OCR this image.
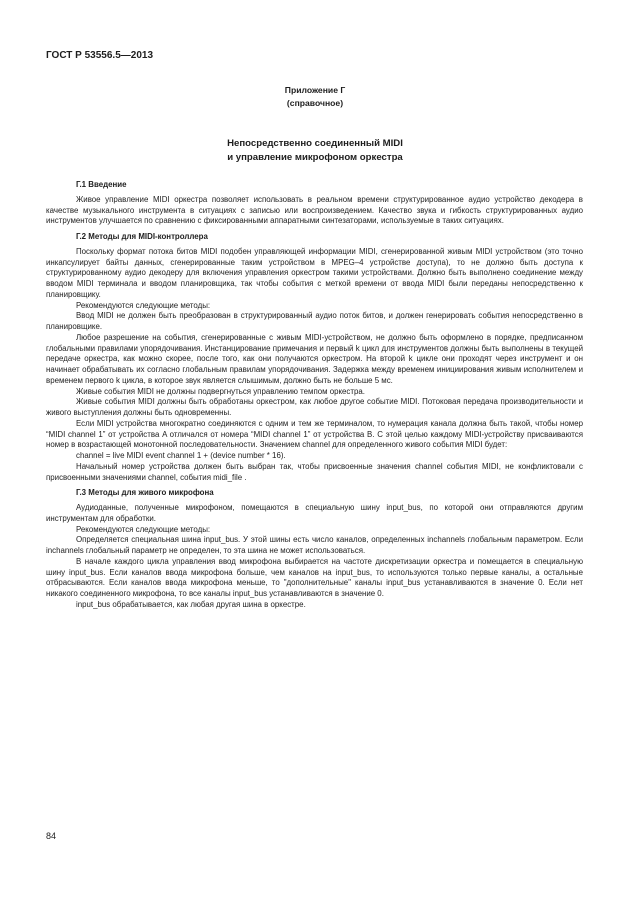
ГОСТ Р 53556.5—2013
Приложение Г
(справочное)
Непосредственно соединенный MIDI
и управление микрофоном оркестра
Г.1 Введение

Живое управление MIDI оркестра позволяет использовать в реальном времени структурированное аудио устройство декодера в качестве музыкального инструмента в ситуациях с записью или воспроизведением. Качество звука и гибкость структурированных аудио инструментов улучшается по сравнению с фиксированными аппаратными синтезаторами, используемые в таких ситуациях.

Г.2 Методы для MIDI-контроллера

Поскольку формат потока битов MIDI подобен управляющей информации MIDI, сгенерированной живым MIDI устройством (это точно инкапсулирует байты данных, сгенерированные таким устройством в MPEG–4 устройстве доступа), то не должно быть доступа к структурированному аудио декодеру для включения управления оркестром такими устройствами. Должно быть выполнено соединение между вводом MIDI терминала и вводом планировщика, так чтобы события с меткой времени от ввода MIDI были переданы непосредственно к планировщику.

Рекомендуются следующие методы:

Ввод MIDI не должен быть преобразован в структурированный аудио поток битов, и должен генерировать события непосредственно в планировщике.

Любое разрешение на события, сгенерированные с живым MIDI-устройством, не должно быть оформлено в порядке, предписанном глобальными правилами упорядочивания. Инстанцирование примечания и первый k цикл для инструментов должны быть выполнены в текущей передаче оркестра, как можно скорее, после того, как они получаются оркестром. На второй k цикле они проходят через инструмент и он начинает обрабатывать их согласно глобальным правилам упорядочивания. Задержка между временем инициирования живым исполнителем и временем первого k цикла, в которое звук является слышимым, должно быть не больше 5 мс.

Живые события MIDI не должны подвергнуться управлению темпом оркестра.

Живые события MIDI должны быть обработаны оркестром, как любое другое событие MIDI. Потоковая передача производительности и живого выступления должны быть одновременны.

Если MIDI устройства многократно соединяются с одним и тем же терминалом, то нумерация канала должна быть такой, чтобы номер “MIDI channel 1” от устройства A отличался от номера “MIDI channel 1” от устройства B. С этой целью каждому MIDI-устройству присваиваются номер в возрастающей монотонной последовательности. Значением channel для определенного живого события MIDI будет:

channel = live MIDI event channel 1 + (device number * 16).

Начальный номер устройства должен быть выбран так, чтобы присвоенные значения channel события MIDI, не конфликтовали с присвоенными значениями channel, события midi_file .

Г.3 Методы для живого микрофона

Аудиоданные, полученные микрофоном, помещаются в специальную шину input_bus, по которой они отправляются другим инструментам для обработки.

Рекомендуются следующие методы:

Определяется специальная шина input_bus. У этой шины есть число каналов, определенных inchannels глобальным параметром. Если inchannels глобальный параметр не определен, то эта шина не может использоваться.

В начале каждого цикла управления ввод микрофона выбирается на частоте дискретизации оркестра и помещается в специальную шину input_bus. Если каналов ввода микрофона больше, чем каналов на input_bus, то используются только первые каналы, а остальные отбрасываются. Если каналов ввода микрофона меньше, то "дополнительные" каналы input_bus устанавливаются в значение 0. Если нет никакого соединенного микрофона, то все каналы input_bus устанавливаются в значение 0.

input_bus обрабатывается, как любая другая шина в оркестре.

84
